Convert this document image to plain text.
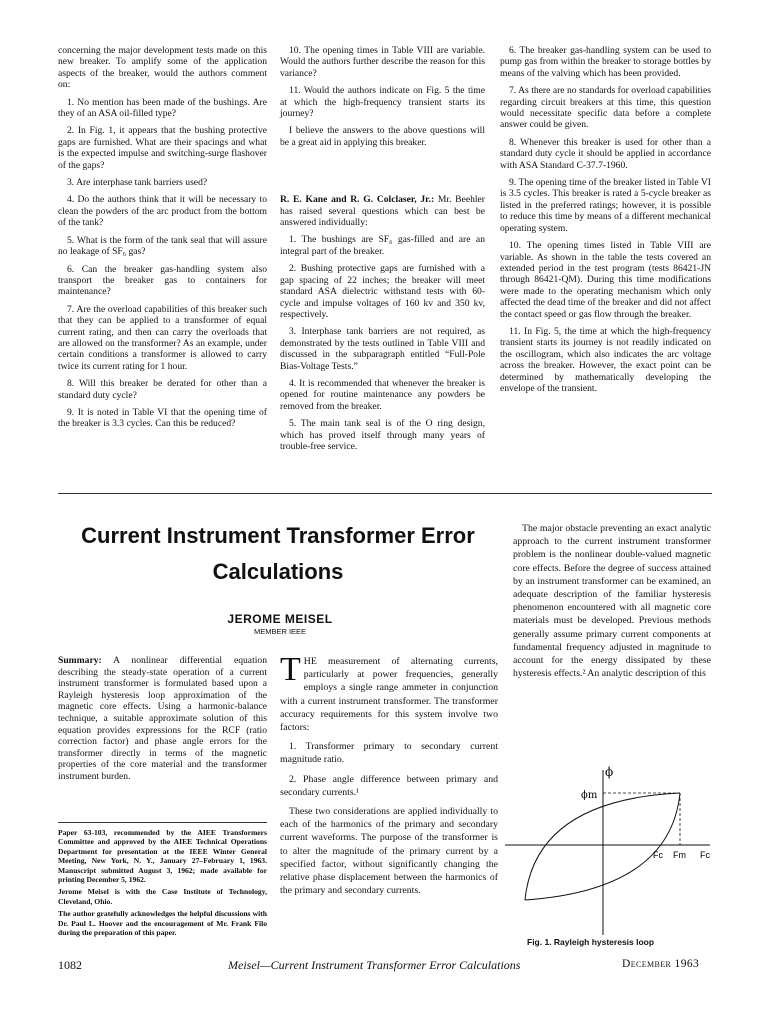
concerning the major development tests made on this new breaker. To amplify some of the application aspects of the breaker, would the authors comment on:

1. No mention has been made of the bushings. Are they of an ASA oil-filled type?

2. In Fig. 1, it appears that the bushing protective gaps are furnished. What are their spacings and what is the expected impulse and switching-surge flashover of the gaps?

3. Are interphase tank barriers used?

4. Do the authors think that it will be necessary to clean the powders of the arc product from the bottom of the tank?

5. What is the form of the tank seal that will assure no leakage of SF₆ gas?

6. Can the breaker gas-handling system also transport the breaker gas to containers for maintenance?

7. Are the overload capabilities of this breaker such that they can be applied to a transformer of equal current rating, and then can carry the overloads that are allowed on the transformer? As an example, under certain conditions a transformer is allowed to carry twice its current rating for 1 hour.

8. Will this breaker be derated for other than a standard duty cycle?

9. It is noted in Table VI that the opening time of the breaker is 3.3 cycles. Can this be reduced?

10. The opening times in Table VIII are variable. Would the authors further describe the reason for this variance?

11. Would the authors indicate on Fig. 5 the time at which the high-frequency transient starts its journey?

I believe the answers to the above questions will be a great aid in applying this breaker.

R. E. Kane and R. G. Colclaser, Jr.: Mr. Beehler has raised several questions which can best be answered individually:

1. The bushings are SF₆ gas-filled and are an integral part of the breaker.

2. Bushing protective gaps are furnished with a gap spacing of 22 inches; the breaker will meet standard ASA dielectric withstand tests with 60-cycle and impulse voltages of 160 kv and 350 kv, respectively.

3. Interphase tank barriers are not required, as demonstrated by the tests outlined in Table VIII and discussed in the subparagraph entitled “Full-Pole Bias-Voltage Tests.”

4. It is recommended that whenever the breaker is opened for routine maintenance any powders be removed from the breaker.

5. The main tank seal is of the O ring design, which has proved itself through many years of trouble-free service.

6. The breaker gas-handling system can be used to pump gas from within the breaker to storage bottles by means of the valving which has been provided.

7. As there are no standards for overload capabilities regarding circuit breakers at this time, this question would necessitate specific data before a complete answer could be given.

8. Whenever this breaker is used for other than a standard duty cycle it should be applied in accordance with ASA Standard C-37.7-1960.

9. The opening time of the breaker listed in Table VI is 3.5 cycles. This breaker is rated a 5-cycle breaker as listed in the preferred ratings; however, it is possible to reduce this time by means of a different mechanical operating system.

10. The opening times listed in Table VIII are variable. As shown in the table the tests covered an extended period in the test program (tests 86421-JN through 86421-QM). During this time modifications were made to the operating mechanism which only affected the dead time of the breaker and did not affect the contact speed or gas flow through the breaker.

11. In Fig. 5, the time at which the high-frequency transient starts its journey is not readily indicated on the oscillogram, which also indicates the arc voltage across the breaker. However, the exact point can be determined by mathematically developing the envelope of the transient.

Current Instrument Transformer Error
Calculations
JEROME MEISEL
MEMBER IEEE
Summary: A nonlinear differential equation describing the steady-state operation of a current instrument transformer is formulated based upon a Rayleigh hysteresis loop approximation of the magnetic core effects. Using a harmonic-balance technique, a suitable approximate solution of this equation provides expressions for the RCF (ratio correction factor) and phase angle errors for the transformer directly in terms of the magnetic properties of the core material and the transformer instrument burden.

Paper 63-103, recommended by the AIEE Transformers Committee and approved by the AIEE Technical Operations Department for presentation at the IEEE Winter General Meeting, New York, N. Y., January 27–February 1, 1963. Manuscript submitted August 3, 1962; made available for printing December 5, 1962.

Jerome Meisel is with the Case Institute of Technology, Cleveland, Ohio.

The author gratefully acknowledges the helpful discussions with Dr. Paul L. Hoover and the encouragement of Mr. Frank Filo during the preparation of this paper.

THE measurement of alternating currents, particularly at power frequencies, generally employs a single range ammeter in conjunction with a current instrument transformer. The transformer accuracy requirements for this system involve two factors:

1. Transformer primary to secondary current magnitude ratio.

2. Phase angle difference between primary and secondary currents.¹

These two considerations are applied individually to each of the harmonics of the primary and secondary current waveforms. The purpose of the transformer is to alter the magnitude of the primary current by a specified factor, without significantly changing the relative phase displacement between the harmonics of the primary and secondary currents.

The major obstacle preventing an exact analytic approach to the current instrument transformer problem is the nonlinear double-valued magnetic core effects. Before the degree of success attained by an instrument transformer can be examined, an adequate description of the familiar hysteresis phenomenon encountered with all magnetic core materials must be developed. Previous methods generally assume primary current components at fundamental frequency adjusted in magnitude to account for the energy dissipated by these hysteresis effects.² An analytic description of this

ϕ
ϕm
Fc Fm Fc
Fig. 1. Rayleigh hysteresis loop
1082	Meisel—Current Instrument Transformer Error Calculations	December 1963
